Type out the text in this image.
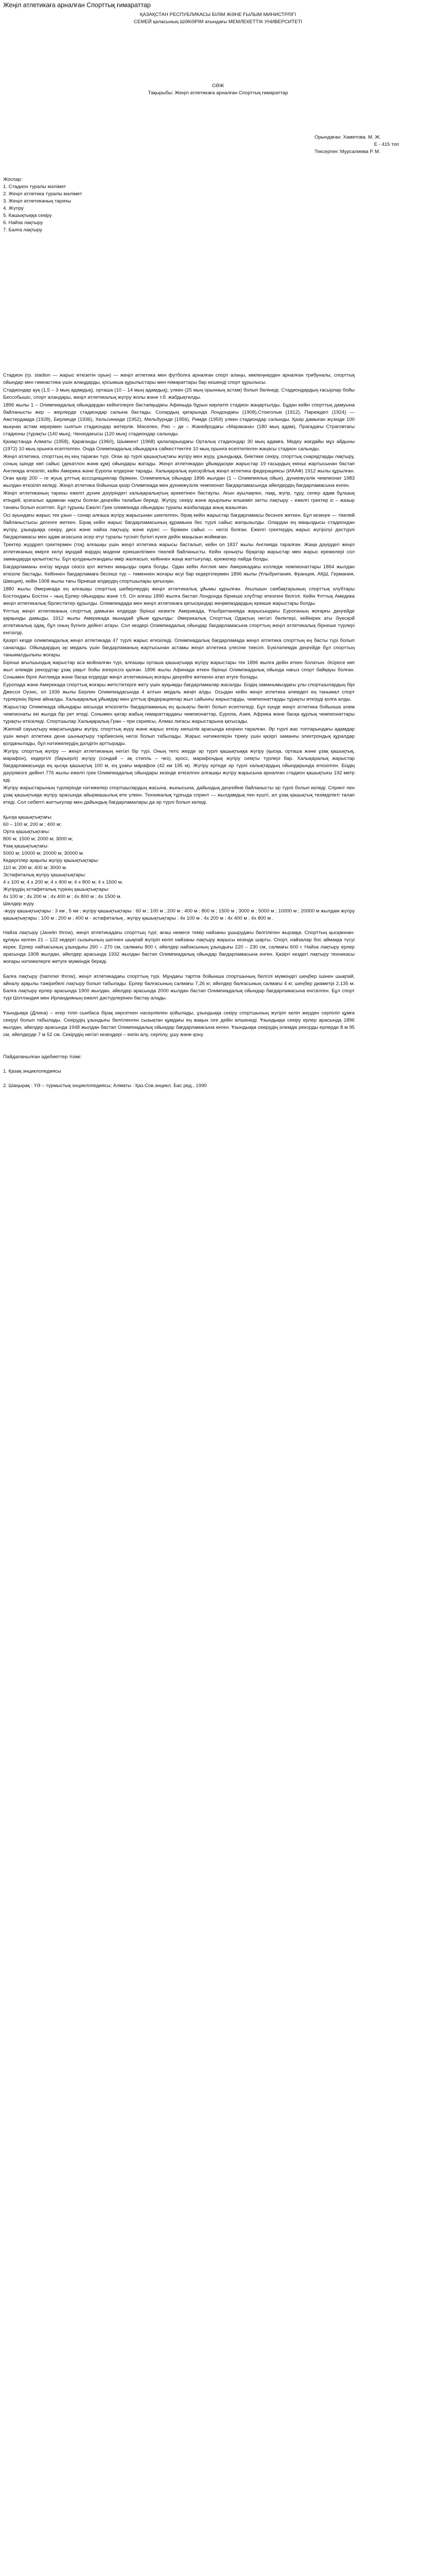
Жеңіл атлетикаға арналған Спорттық ғимараттар

ҚАЗАҚСТАН РЕСПУБЛИКАСЫ БІЛІМ ЖӘНЕ ҒЫЛЫМ МИНИСТРЛІГІ

СЕМЕЙ қаласының ШӘКӘРІМ атындағы МЕМЛЕКЕТТІК УНИВЕРСИТЕТІ

СӨЖ

Тақырыбы: Жеңіл атлетикаға арналған Спорттық ғимараттар

Орындаған: Хаметова. М. Ж.

Е - 415 топ

Тексерген: Мурсалиева Р. М.

Жоспар:

1. Стадион туралы мәлімет
2. Жеңіл атлетика туралы мәлімет
3. Жеңіл атлетиканың тарихы
4. Жүгіру
5. Кашықтыққа секіру
6. Найза лақтыру
7. Балға лақтыру

Стадион (гр. stadion — жарыс өткізетін орын) — жеңіл атлетика мен футболға арналған спорт алаңы, көкпеңнерден арналған трибуналы, спорттық ойындар мен гимнастика үшін алаңдарды, қосымша құрылыстары мен ғимараттары бар кешенді спорт құрылысы.

Стадиондар ауқ (1,5 – 3 мың адамдық), орташа (10 – 14 мың адамдық), үлкен (25 мың орынның астам) болып бөлінеді. Стадиондардың ғасырлар бойы Бессобышіс, спорт аландары, жеңіл атлетикалық жүгіру жолы және т.б. жабдықталды.

1896 жылы 1 – Олимпиадалық ойындардан кейінгілерге бастапқыдағы Афиныда бұрын кирлатіп стадион жаңартылды. Бұдан кейін спорттық дамуына байланысты жер – жерлерде стадиондар салына бастады. Солардың қатарында Лондондағы (1908),Стокгольм (1912), Париждегі (1924) — Амстердамда (1928), Берлинде (1936), Хельсинкиде (1952), Мельбурнде (1956), Римде (1959) үлкен стадиондар салынды. Қазір дамыған жүзінде 100 мыңнан астам көрермен сыятын стадиондар жетерлік. Мәселен, Рио – де – Жанейродағы «Маракана» (180 мың адам), Прагадағы Страговтағы стадионы (тұрақты (140 мың), Ченәгдағысы (120 мың) стадиондар салынды.

Қазақстанда Алматы (1958), Қарағанды (1960), Шымкент (1968) қалаларындағы Орталық стадиондар 30 мың адамға, Медеу жағдайы мұз айдыны (1972) 10 мың орынға есептелген. Онда Олимпиадалық ойындарға сайкесттектіге 10 мың орынға есептелінген жаңасы стадион салынды.

Жеңіл атлетика, спорттың ең кең тараған түрі. Оған әр түрлі қашықтықтағы жүгіру мен жүру, ұзындыққа, биіктікке секіру, спорттық снарядтарды лақтыру, соның ішінде көп сайыс (декатлон жәнө құм) ойындары жатады. Жеңіл атлетикадан ұйымдасқан жарыстар 19 ғасырдың екінші жартысынан бастап Англияда өткізіліп, кейін Америка және Еуропа елдеріне тарады. Халықаралық әуесқойлық жеңіл атлетика федерациясы (ИААФ) 1912 жылы құрылған. Оған қазір 200 – ге жуық ұлттық ассоциациялар біріккен. Олимпиялық ойындар 1896 жылдан (1 – Олимпиялық ойын), дүниежүзілік чемпионат 1983 жылдан өткізіліп келеді. Жеңіл атлетика бойынша қазір Олимпиада мен дүниежүзілік чемпионат бағдарламасында әйелдердің бағдарламасына енген.

Жеңіл атлетиканың тарихы ежелгі дүние дәуіріндегі халықаралықтың әрекетінен бастаулы. Ағын ауылақпен, лаққ, жүгір, тұру, сепер адам бұлшық етіндей, қозғалыс адамнан нақты болған деңгейін талабын береді. Жүгіру, секіру және ауырлығы өлшеміп затты лақтыру – ежелгі гректер іс – жазыр тәнағы болып есептеп. Бұл тұрыны Ежелгі Грек олимпиада ойындары туралы жазбаларда анық жазылған.

Осі ауындағы жарыс тек ұзын – сонар алғаша жүгіру жарысынан шектелген, бірақ кейін жарыстар бағдарламасы бесенге жеткен. Бұл кезеңге — тікелей байланыстысы дегенге жеткен. Бірақ кейін жарыс бағдарламасының құрамына бес түрлі сайыс жатқызылды. Олардан ең маңыздысы стадиондан жүгіру, ұзындыққа секіру, диск және найза лақтыру, және күрес — біріккен сайыс — негізі болған. Ежелгі гректердің жарыс жүгірілуі дәстүрлі бағдарламасы мен адам ағзасына әсер етуі туралы түсінігі бүгінгі күнге дейін маңызын жоймаған.

Тректер жүрдрегі гректермен (тоқ) алғашқы үшін жеңіл атлетика жарысы басталып, кейін ол 1837 жылы Англияда таралған. Жаңа дәуірдегі жеңіл атлетиканың өмірге келуі мұндай өңірдің мәдени ерекшелігімен тікелей байланысты. Кейін орнықты бірқатар жарыстар мен жарыс ережелері сол замандарда қалыптасты. Бұл қолданылғандағы өмір жалғасып, кейіннен жаңа жаттығулар, ережелер пайда болды.

Бағдарламаны енгізу мұнда сөзсіз қол жеткен маңызды оқиға болды. Одан кейін Англия мен Америкадағы колледж чемпионаттары 1864 жылдан өткізіле бастады. Кейіннен бағдарламаға бесінші түр – төменнен жоғары өсуі бар кедергілермен 1896 жылы (Ұлыбритания, Франция, АҚШ, Германия, Швеция), кейін 1908 жылы тағы бірнеше елдердің спортшылары қатысқан.

1880 жылы Әмерикада ең алғашқы спорттық шеберлердің жеңіл атлетикалық ұйымы құрылған. Ағылшын саябақтарының спорттық клубтары Бостондағы Бостон – ның Ерлер ойындары және т.б. Ол алғаш 1890 жылға бастап Лондонда бірнеше клубтар өткізгені белгілі. Кейін Ұлттық Амедика жеңіл атлетикалық бірлестіктер құрылды. Олимпиадада мен жеңіл атлетикаға қатысқандар жеңімпаздардың ерекше жарыстары болды.

Ұлттық жеңіл атлетиканың спорттық дамыған елдерде бірінші кезекте Америкада, Ұлыбританияда жарысындағы Еуропаның жоғарғы деңгейде қарқынды дамыды. 1912 жылы Америкада мынадай ұйым құрылды: Әмерикалық Спорттық Одақтың негізгі бөліктері, кейінірек аты Әуесқой атлетикалық одақ, бұл оның бүгінге дейінгі атауы. Сол кездері Олимпиадалық ойындар бағдарламасына спорттың жеңіл атлетикалық бірнеше түрлері енгізілді.

Қазіргі кезде олимпиадалық жеңіл атлетикада 47 түрлі жарыс өткізіледі. Олимпиадалық бағдарламада жеңіл атлетика спорттың ең басты түрі болып саналады. Ойындардың әр медаль үшін бағдарламаның жартысынан астамы жеңіл атлетика үлесіне тиесілі. Бүкіләлемдік деңгейде бұл спорттың танымалдылығы жоғары.

Бірінші ағылшындық жарыстар аса мойналған түрі, алғашқы орташа қашықтыққа жүгіру жарыстары тек 1896 жылға дейін өткен болатын. Әсіресе көп жыл әлемдік рекордтар ұзақ уақыт бойы өзгеріссіз қалған. 1896 жылы Афинада өткен бірінші Олимпиадалық ойында нағыз спорт байқауы болған. Сонымен бірге Англияда және басқа елдерде жеңіл атлетиканың жоғары деңгейге жеткенін атап өтуге болады.

Еуропада және Америкада спорттық жоғары жетістіктерге жету үшін ауқымды бағдарламалар жасалды. Біздің заманымыздағы ұлы спортшылардың бірі Джесси Оуэнс, ол 1936 жылы Берлин Олимпиадасында 4 алтын медаль жеңіп алды. Осыдан кейін жеңіл атлетика әлемдегі ең танымал спорт түрлерінің біріне айналды. Халықаралық ұйымдар мен ұлттық федерациялар жыл сайынғы жарыстарды, чемпионаттарды тұрақты өткізуді қолға алды.

Жарыстар Олимпиада ойындары аясында өткізілетін бағдарламаның ең қызықты бөлігі болып есептеледі. Бұл күнде жеңіл атлетика бойынша әлем чемпионаты екі жылда бір рет өтеді. Сонымен қатар жабық ғимараттардағы чемпионаттар, Еуропа, Азия, Африка және басқа құрлық чемпионаттары тұрақты өткізіледі. Спортшылар Халықаралық Гран – при сериясы, Алмаз лигасы жарыстарына қатысады.

Жаппай сауықтыру мақсатындағы жүгіру, спорттық жүру және жарыс өткізу көпшілік арасында кеңінен таралған. Әр түрлі жас топтарындағы адамдар үшін жеңіл атлетика дене шынықтыру тәрбиесінің негізі болып табылады. Жарыс нәтижелерін тіркеу үшін қазіргі заманғы электрондық құралдар қолданылады, бұл нәтижелердің дәлдігін арттырады.

Жүгіру, спорттық жүгіру — жеңіл атлетиканың негізгі бір түрі. Оның тегіс жерде әр түрлі қашықтыққа жүгіру (қысқа, орташа және ұзақ қашықтық, марафон), кедергілі (барьерлі) жүгіру (сондай – ақ стипль – чез), кросс, марафондық жүгіру сияқты түрлері бар. Халықаралық жарыстар бағдарламасында ең қысқа қашықтық 100 м, ең ұзағы марафон (42 км 195 м). Жүгіру ертеде әр түрлі халықтардың ойындарында өткізілген. Біздің дәуірімізге дейінгі 776 жылы ежелгі грек Олимпиадалық ойындары кезінде өткізілген алғашқы жүгіру жарысына арналған стадион қашықтығы 192 метр еді.

Жүгіру жарыстарының түрлерінде нәтижелер спортшылардың жасына, жынысына, дайындық деңгейіне байланысты әр түрлі болып келеді. Спринт пен ұзақ қашықтыққа жүгіру арасында айырмашылық өте үлкен. Техникалық тұрғыда спринт — жылдамдық пен күшті, ал ұзақ қашықтық төзімділікті талап етеді. Сол себепті жаттығулар мен дайындық бағдарламалары да әр түрлі болып келеді.

Қысқа қашықтықтағы:

60 – 100 м; 200 м ; 400 м;

Орта қашықтықтағы:

800 м; 1500 м; 2000 м; 3000 м;

Ұзақ қашықтықтағы:

5000 м; 10000 м; 20000 м; 30000 м.

Кедергілер арқылы жүгіру қашықтықтары:

110 м; 200 м; 400 м; 3000 м.

Эстафеталық жүгіру қашықтықтары:

4 х 100 м; 4 х 200 м; 4 х 400 м; 4 х 800 м; 4 х 1500 м.

Жүгірудің эстафеталық түрінің қашықтықтары:

4х 100 м ; 4х 200 м ; 4х 400 м ; 4х 800 м ; 4х 1500 м.

Шөлдер жүру

-жүру қашықтықтары : 3 км , 5 км ; жүгіру қашықтықтары : 60 м ; 100 м ; 200 м ; 400 м ; 800 м ; 1500 м ; 3000 м ; 5000 м ; 10000 м ; 20000 м жылдам жүгіру қашықтықтары ; 100 м ; 200 м ; 400 м - эстафеталық , жүгіру қашықтықтары ; 4х 100 м ; 4х 200 м ; 4х 400 м ; 4х 800 м .

Найза лақтыру (Javelin throw), жеңіл атлетикадағы спорттың түрі; ағаш немесе темір найзаны ұшырудағы белгілеген жыраққа. Спорттың қысқаннан-құлауы келген 21 – 122 кедергі сызығының шегінен шықпай жүгіріп келіп найзаны лақтыру жарысы кезінде шарты. Спорт, найзалар бос аймаққа түсуі керек. Ерлер найзасының ұзындығы 260 – 270 см, салмағы 800 г, әйелдер найзасының ұзындығы 220 – 230 см, салмағы 600 г. Найза лақтыру ерлер арасында 1908 жылдан, әйелдер арасында 1932 жылдан бастап Олимпиадалық ойындар бағдарламасына енген. Қазіргі кездегі лақтыру техникасы жоғары нәтижелерге жетуге мүмкіндік береді.

Балға лақтыру (hammer throw), жеңіл атлетикадағы спорттың түрі. Мұндағы тартпа бойынша спортшының белгілі мүмкіндігі шеңбер ішінен шықпай, айналу арқылы тәжірибелі лақтыру болып табылады. Ерлер балғасының салмағы 7,26 кг, әйелдер балғасының салмағы 4 кг, шеңбер диаметрі 2,135 м. Балға лақтыру ерлер арасында 1900 жылдан, әйелдер арасында 2000 жылдан бастап Олимпиадалық ойындар бағдарламасына енгізілген. Бұл спорт түрі Шотландия мен Ирландияның ежелгі дәстүрлерінен бастау алады.

Ұзындыққа (Длина) – егер тіліп сынбаса бірақ көрсеткен нәсерлікпен қойылады, ұзындыққа секіру спортшының жүгіріп келіп жерден серпіліп құмға секіруі болып табылады. Секірудің ұзындығы белгіленген сызықтан құмдағы ең жақын ізге дейін өлшенеді. Ұзындыққа секіру ерлер арасында 1896 жылдан, әйелдер арасында 1948 жылдан бастап Олимпиадалық ойындар бағдарламасына енген. Ұзындыққа секірудің әлемдік рекорды ерлерде 8 м 95 см, әйелдерде 7 м 52 см. Секірудің негізгі кезеңдері – екпін алу, серпілу, ұшу және қону.

Пайдаланылған әдебиеттер тізімі:

1. Қазақ энциклопедиясы

2. Шаңырақ : ҮӘ – түрмыстық энциклопедиясы; Алматы : Қаз.Сов.энцикл. Бас ред., 1990
